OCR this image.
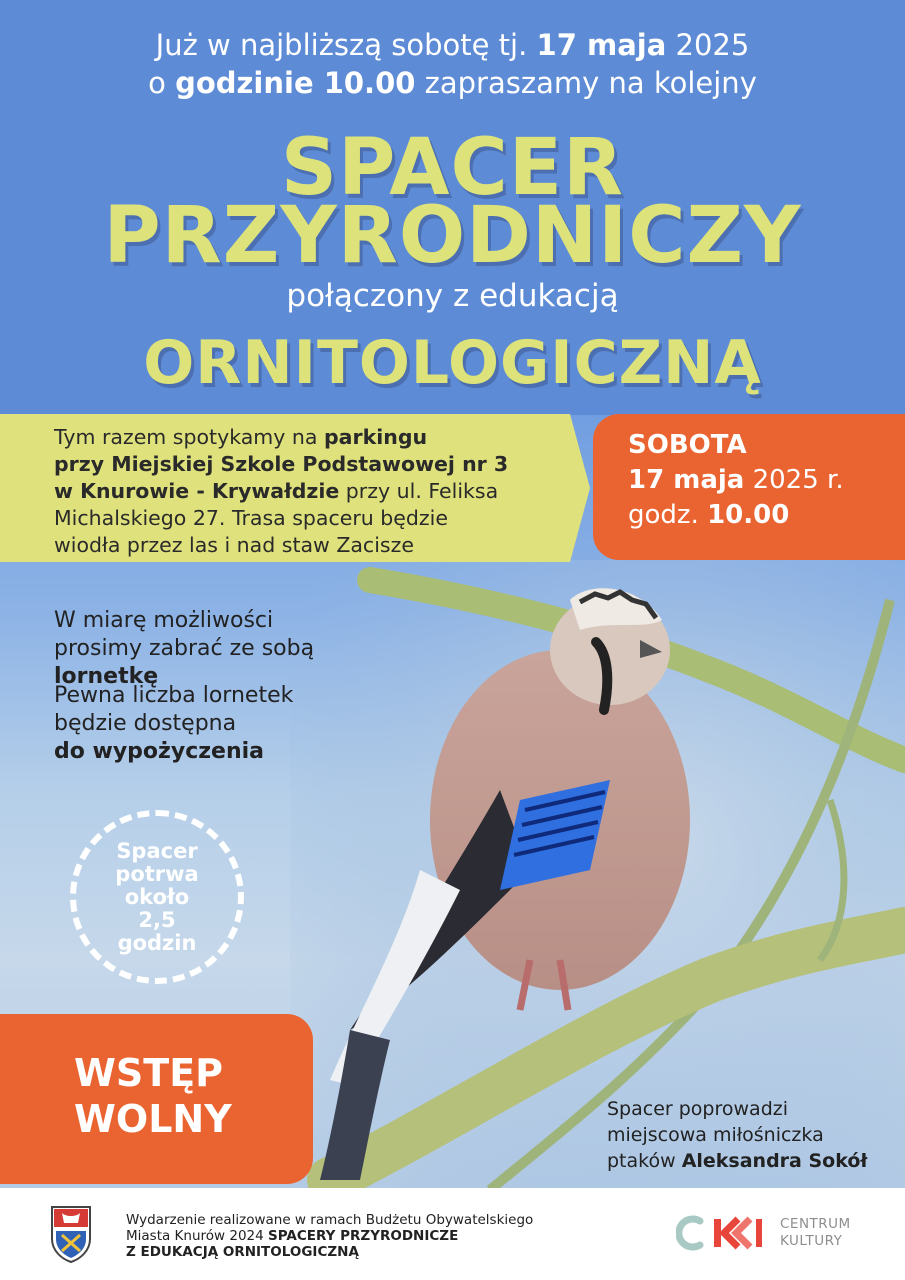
Już w najbliższą sobotę tj. 17 maja 2025
o godzinie 10.00 zapraszamy na kolejny
SPACER
PRZYRODNICZY
połączony z edukacją
ORNITOLOGICZNĄ
Tym razem spotykamy na parkingu
przy Miejskiej Szkole Podstawowej nr 3
w Knurowie - Krywałdzie przy ul. Feliksa
Michalskiego 27. Trasa spaceru będzie
wiodła przez las i nad staw Zacisze
SOBOTA
17 maja 2025 r.
godz. 10.00
W miarę możliwości
prosimy zabrać ze sobą lornetkę
Pewna liczba lornetek
będzie dostępna
do wypożyczenia
Spacer
potrwa
około
2,5
godzin
WSTĘP
WOLNY	Spacer poprowadzi
miejscowa miłośniczka
ptaków Aleksandra Sokół
Wydarzenie realizowane w ramach Budżetu Obywatelskiego
Miasta Knurów 2024 SPACERY PRZYRODNICZE
Z EDUKACJĄ ORNITOLOGICZNĄ
CENTRUM
KULTURY
